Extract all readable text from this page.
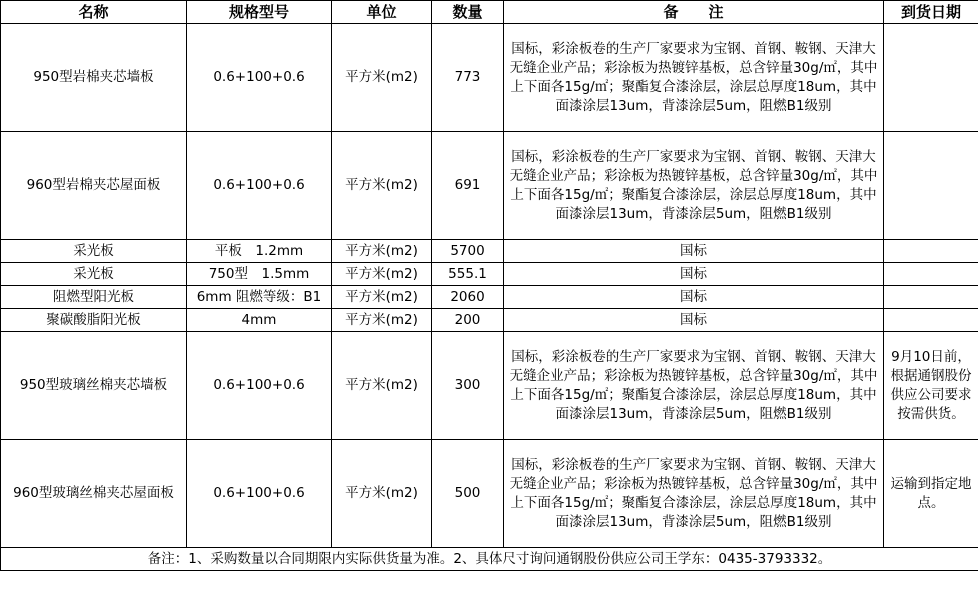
名称	规格型号	单位	数量	备　　注	到货日期
950型岩棉夹芯墙板	0.6+100+0.6	平方米(m2)	773	国标，彩涂板卷的生产厂家要求为宝钢、首钢、鞍钢、天津大无缝企业产品；彩涂板为热镀锌基板，总含锌量30g/㎡，其中上下面各15g/㎡；聚酯复合漆涂层，涂层总厚度18um，其中面漆涂层13um，背漆涂层5um，阻燃B1级别	
960型岩棉夹芯屋面板	0.6+100+0.6	平方米(m2)	691	国标，彩涂板卷的生产厂家要求为宝钢、首钢、鞍钢、天津大无缝企业产品；彩涂板为热镀锌基板，总含锌量30g/㎡，其中上下面各15g/㎡；聚酯复合漆涂层，涂层总厚度18um，其中面漆涂层13um，背漆涂层5um，阻燃B1级别	
采光板	平板　1.2mm	平方米(m2)	5700	国标	
采光板	750型　1.5mm	平方米(m2)	555.1	国标	
阻燃型阳光板	6mm 阻燃等级：B1	平方米(m2)	2060	国标	
聚碳酸脂阳光板	4mm	平方米(m2)	200	国标	
950型玻璃丝棉夹芯墙板	0.6+100+0.6	平方米(m2)	300	国标，彩涂板卷的生产厂家要求为宝钢、首钢、鞍钢、天津大无缝企业产品；彩涂板为热镀锌基板，总含锌量30g/㎡，其中上下面各15g/㎡；聚酯复合漆涂层，涂层总厚度18um，其中面漆涂层13um，背漆涂层5um，阻燃B1级别	9月10日前，根据通钢股份供应公司要求按需供货。
960型玻璃丝棉夹芯屋面板	0.6+100+0.6	平方米(m2)	500	国标，彩涂板卷的生产厂家要求为宝钢、首钢、鞍钢、天津大无缝企业产品；彩涂板为热镀锌基板，总含锌量30g/㎡，其中上下面各15g/㎡；聚酯复合漆涂层，涂层总厚度18um，其中面漆涂层13um，背漆涂层5um，阻燃B1级别	运输到指定地点。
备注：1、采购数量以合同期限内实际供货量为准。2、具体尺寸询问通钢股份供应公司王学东：0435-3793332。					
